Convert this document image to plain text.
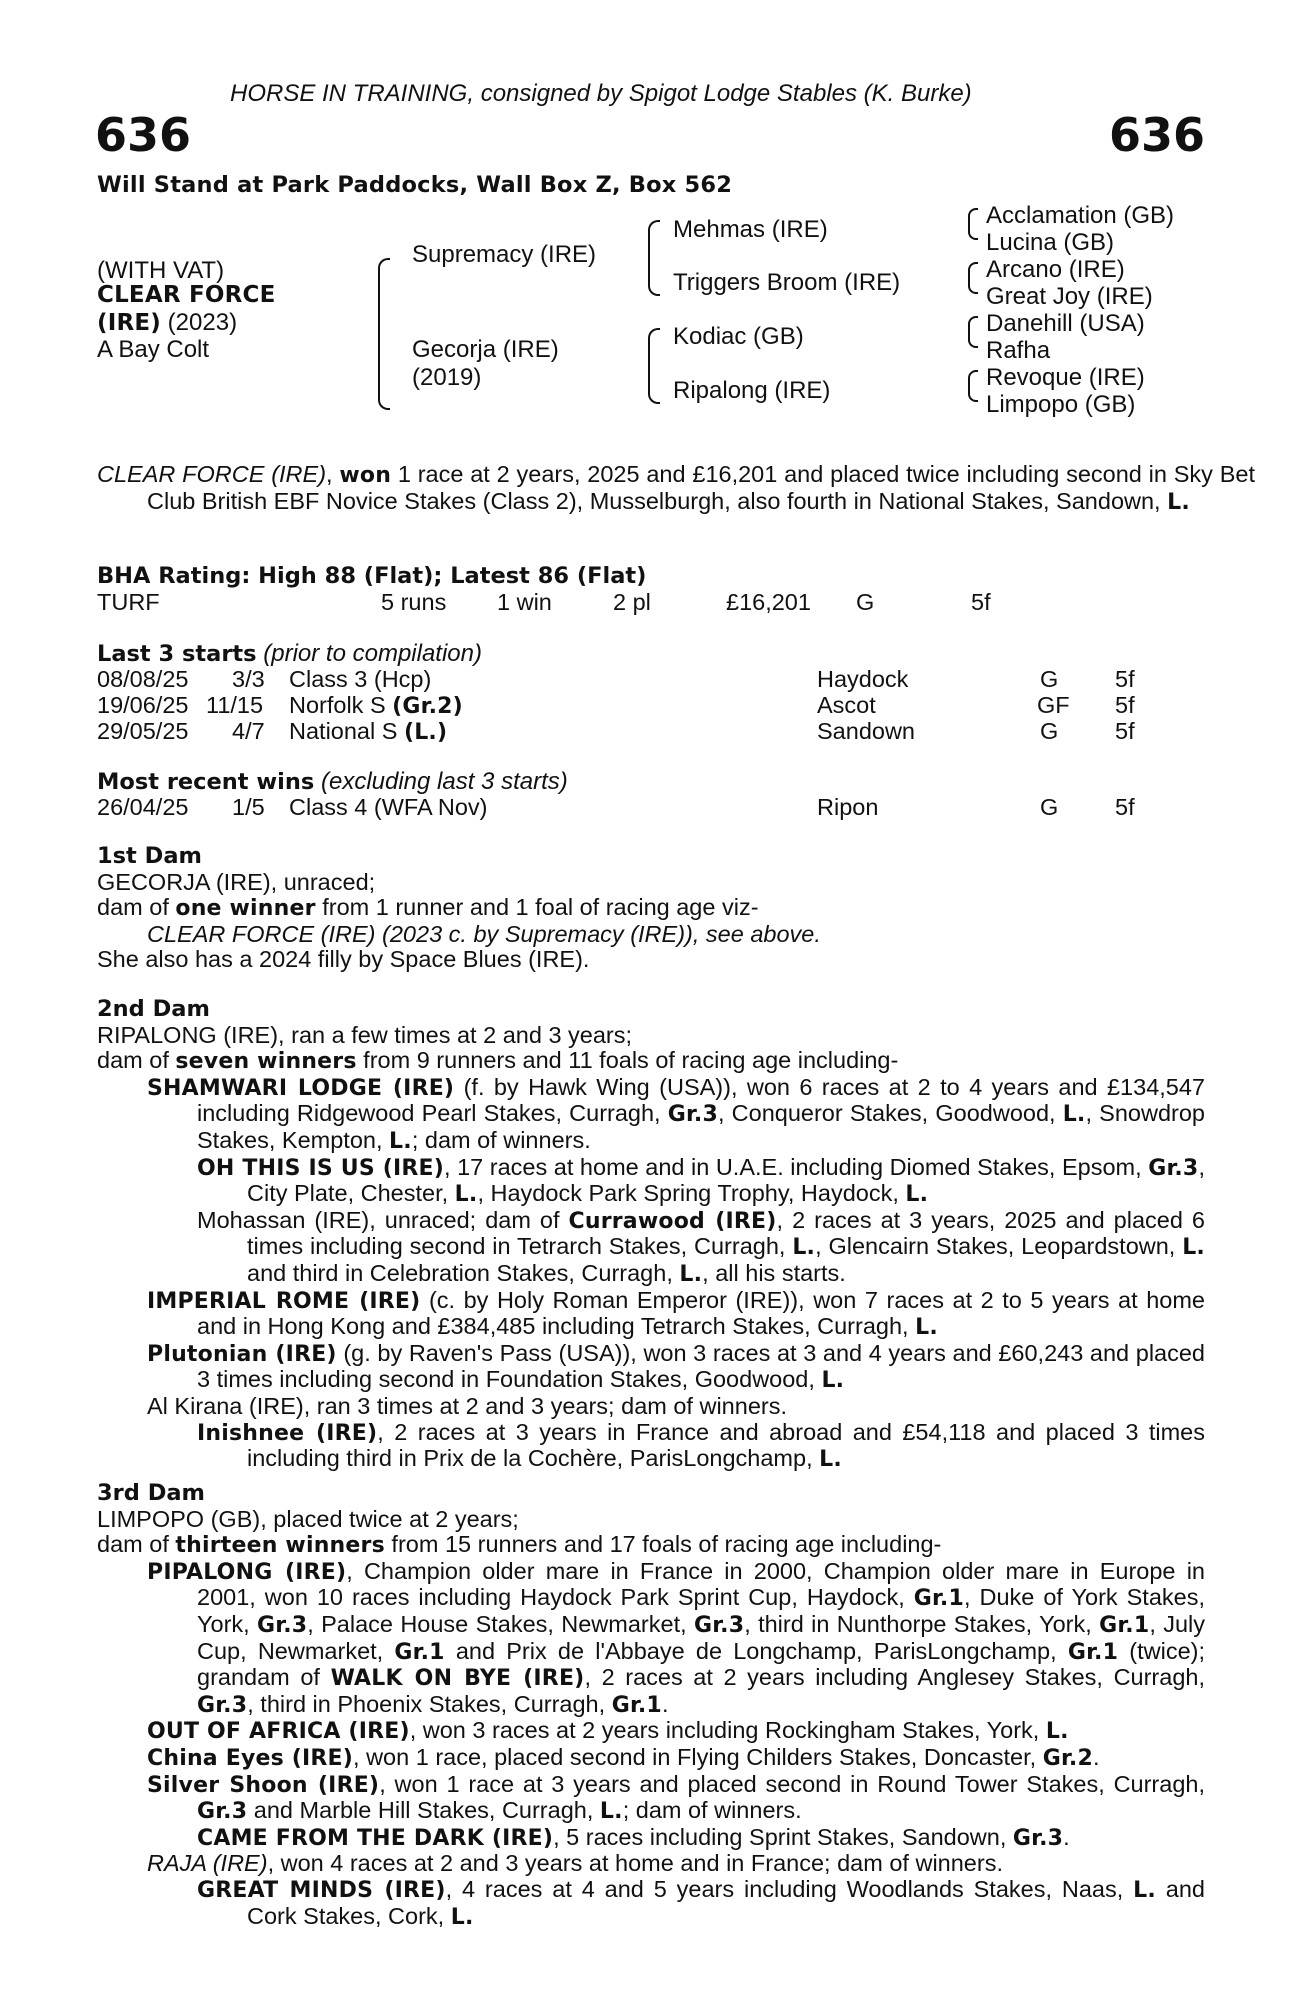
HORSE IN TRAINING, consigned by Spigot Lodge Stables (K. Burke)
636	636
Will Stand at Park Paddocks, Wall Box Z, Box 562
(WITH VAT)
CLEAR FORCE
(IRE) (2023)
A Bay Colt
Supremacy (IRE)
Gecorja (IRE)
(2019)
Mehmas (IRE)
Triggers Broom (IRE)
Kodiac (GB)
Ripalong (IRE)
Acclamation (GB)
Lucina (GB)
Arcano (IRE)
Great Joy (IRE)
Danehill (USA)
Rafha
Revoque (IRE)
Limpopo (GB)
CLEAR FORCE (IRE), won 1 race at 2 years, 2025 and £16,201 and placed twice including second in Sky Bet Club British EBF Novice Stakes (Class 2), Musselburgh, also fourth in National Stakes, Sandown, L.
BHA Rating: High 88 (Flat); Latest 86 (Flat)
TURF	5 runs 1 win	2 pl	£16,201 G	5f
Last 3 starts (prior to compilation)
08/08/25 3/3 Class 3 (Hcp)	Haydock	G 5f
19/06/25 11/15 Norfolk S (Gr.2)	Ascot	GF 5f
29/05/25 4/7 National S (L.)	Sandown	G 5f
Most recent wins (excluding last 3 starts)
26/04/25 1/5 Class 4 (WFA Nov)	Ripon	G 5f
1st Dam
GECORJA (IRE), unraced;
dam of one winner from 1 runner and 1 foal of racing age viz-
CLEAR FORCE (IRE) (2023 c. by Supremacy (IRE)), see above.
She also has a 2024 filly by Space Blues (IRE).
2nd Dam
RIPALONG (IRE), ran a few times at 2 and 3 years;
dam of seven winners from 9 runners and 11 foals of racing age including-
SHAMWARI LODGE (IRE) (f. by Hawk Wing (USA)), won 6 races at 2 to 4 years and £134,547 including Ridgewood Pearl Stakes, Curragh, Gr.3, Conqueror Stakes, Goodwood, L., Snowdrop Stakes, Kempton, L.; dam of winners.
OH THIS IS US (IRE), 17 races at home and in U.A.E. including Diomed Stakes, Epsom, Gr.3, City Plate, Chester, L., Haydock Park Spring Trophy, Haydock, L.
Mohassan (IRE), unraced; dam of Currawood (IRE), 2 races at 3 years, 2025 and placed 6 times including second in Tetrarch Stakes, Curragh, L., Glencairn Stakes, Leopardstown, L. and third in Celebration Stakes, Curragh, L., all his starts.
IMPERIAL ROME (IRE) (c. by Holy Roman Emperor (IRE)), won 7 races at 2 to 5 years at home and in Hong Kong and £384,485 including Tetrarch Stakes, Curragh, L.
Plutonian (IRE) (g. by Raven's Pass (USA)), won 3 races at 3 and 4 years and £60,243 and placed 3 times including second in Foundation Stakes, Goodwood, L.
Al Kirana (IRE), ran 3 times at 2 and 3 years; dam of winners.
Inishnee (IRE), 2 races at 3 years in France and abroad and £54,118 and placed 3 times including third in Prix de la Cochère, ParisLongchamp, L.
3rd Dam
LIMPOPO (GB), placed twice at 2 years;
dam of thirteen winners from 15 runners and 17 foals of racing age including-
PIPALONG (IRE), Champion older mare in France in 2000, Champion older mare in Europe in 2001, won 10 races including Haydock Park Sprint Cup, Haydock, Gr.1, Duke of York Stakes, York, Gr.3, Palace House Stakes, Newmarket, Gr.3, third in Nunthorpe Stakes, York, Gr.1, July Cup, Newmarket, Gr.1 and Prix de l'Abbaye de Longchamp, ParisLongchamp, Gr.1 (twice); grandam of WALK ON BYE (IRE), 2 races at 2 years including Anglesey Stakes, Curragh, Gr.3, third in Phoenix Stakes, Curragh, Gr.1.
OUT OF AFRICA (IRE), won 3 races at 2 years including Rockingham Stakes, York, L.
China Eyes (IRE), won 1 race, placed second in Flying Childers Stakes, Doncaster, Gr.2.
Silver Shoon (IRE), won 1 race at 3 years and placed second in Round Tower Stakes, Curragh, Gr.3 and Marble Hill Stakes, Curragh, L.; dam of winners.
CAME FROM THE DARK (IRE), 5 races including Sprint Stakes, Sandown, Gr.3.
RAJA (IRE), won 4 races at 2 and 3 years at home and in France; dam of winners.
GREAT MINDS (IRE), 4 races at 4 and 5 years including Woodlands Stakes, Naas, L. and Cork Stakes, Cork, L.
